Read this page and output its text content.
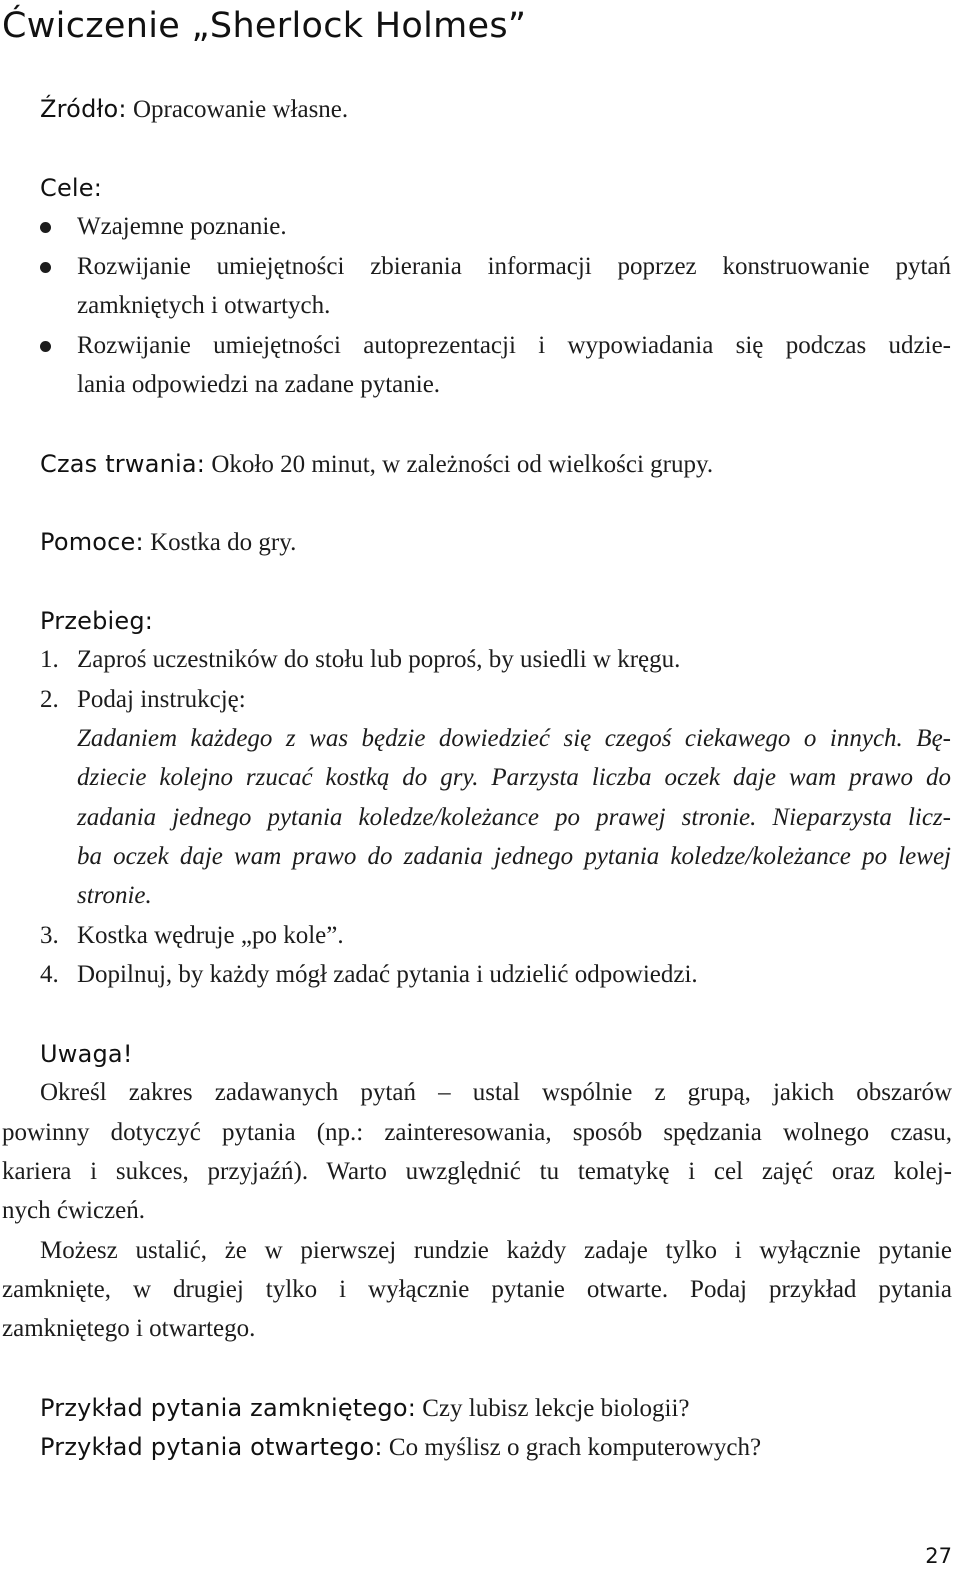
Ćwiczenie „Sherlock Holmes”
Źródło: Opracowanie własne.
Cele:
Wzajemne poznanie.
Rozwijanie umiejętności zbierania informacji poprzez konstruowanie pytań
zamkniętych i otwartych.
Rozwijanie umiejętności autoprezentacji i wypowiadania się podczas udzie-
lania odpowiedzi na zadane pytanie.
Czas trwania: Około 20 minut, w zależności od wielkości grupy.
Pomoce: Kostka do gry.
Przebieg:
1. Zaproś uczestników do stołu lub poproś, by usiedli w kręgu.
2. Podaj instrukcję:
Zadaniem każdego z was będzie dowiedzieć się czegoś ciekawego o innych. Bę-
dziecie kolejno rzucać kostką do gry. Parzysta liczba oczek daje wam prawo do
zadania jednego pytania koledze/koleżance po prawej stronie. Nieparzysta licz-
ba oczek daje wam prawo do zadania jednego pytania koledze/koleżance po lewej
stronie.
3. Kostka wędruje „po kole”.
4. Dopilnuj, by każdy mógł zadać pytania i udzielić odpowiedzi.
Uwaga!
Określ zakres zadawanych pytań – ustal wspólnie z grupą, jakich obszarów
powinny dotyczyć pytania (np.: zainteresowania, sposób spędzania wolnego czasu,
kariera i sukces, przyjaźń). Warto uwzględnić tu tematykę i cel zajęć oraz kolej-
nych ćwiczeń.
Możesz ustalić, że w pierwszej rundzie każdy zadaje tylko i wyłącznie pytanie
zamknięte, w drugiej tylko i wyłącznie pytanie otwarte. Podaj przykład pytania
zamkniętego i otwartego.
Przykład pytania zamkniętego: Czy lubisz lekcje biologii?
Przykład pytania otwartego: Co myślisz o grach komputerowych?
27
